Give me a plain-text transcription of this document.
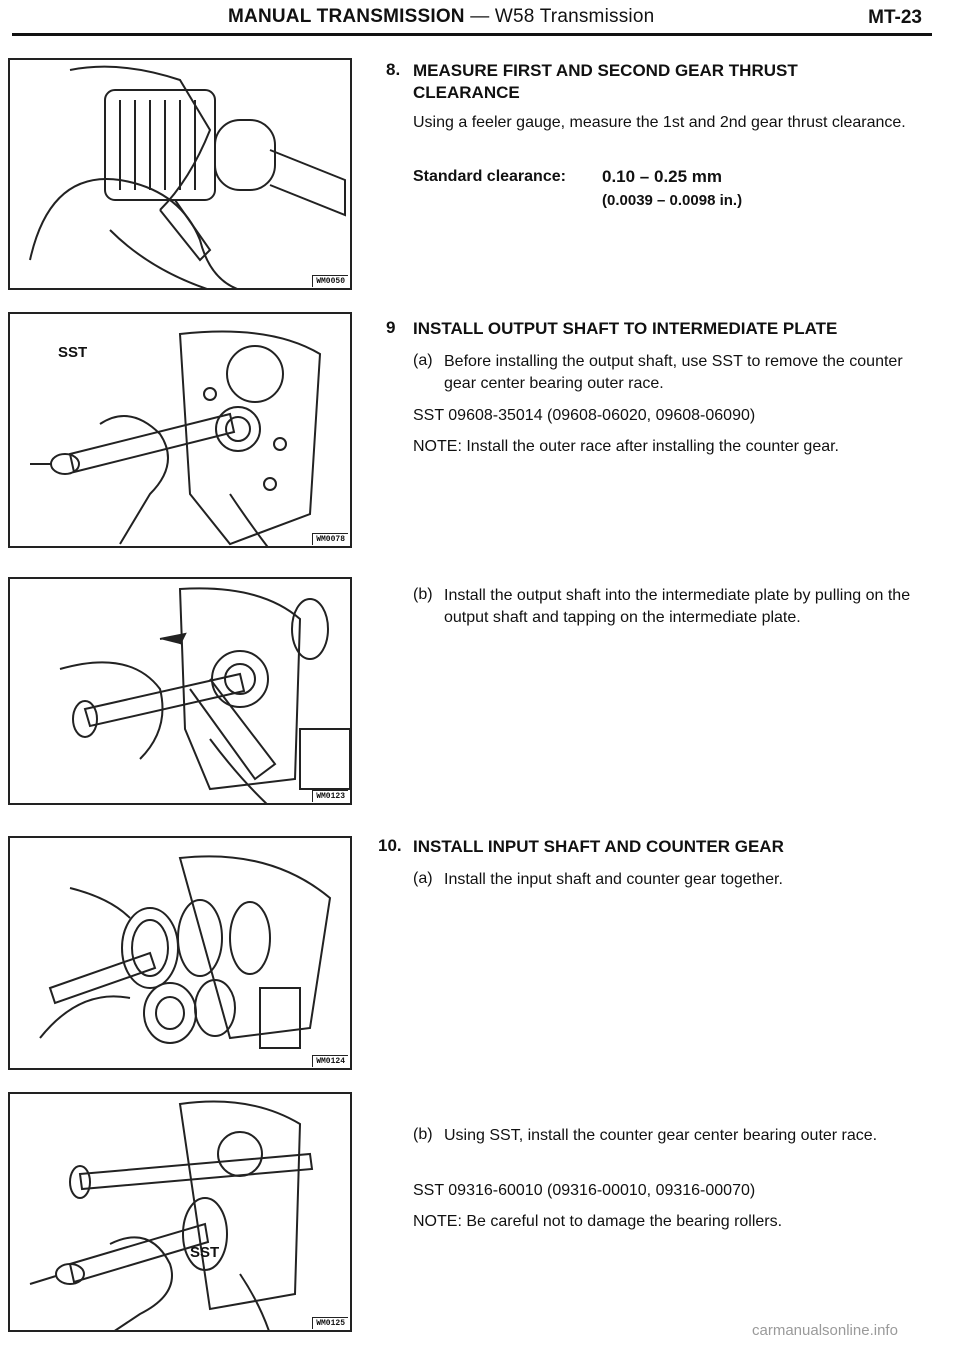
MANUAL TRANSMISSION — W58 Transmission	MT-23
WM0050
SST
WM0078
WM0123
WM0124
SST
WM0125
8. MEASURE FIRST AND SECOND GEAR THRUST
CLEARANCE
Using a feeler gauge, measure the 1st and 2nd gear thrust clearance.
Standard clearance: 0.10 – 0.25 mm
(0.0039 – 0.0098 in.)
9 INSTALL OUTPUT SHAFT TO INTERMEDIATE PLATE
(a) Before installing the output shaft, use SST to remove the counter gear center bearing outer race.
SST 09608-35014 (09608-06020, 09608-06090)
NOTE: Install the outer race after installing the counter gear.
(b) Install the output shaft into the intermediate plate by pulling on the output shaft and tapping on the intermediate plate.
10. INSTALL INPUT SHAFT AND COUNTER GEAR
(a) Install the input shaft and counter gear together.
(b) Using SST, install the counter gear center bearing outer race.
SST 09316-60010 (09316-00010, 09316-00070)
NOTE: Be careful not to damage the bearing rollers.
carmanualsonline.info
